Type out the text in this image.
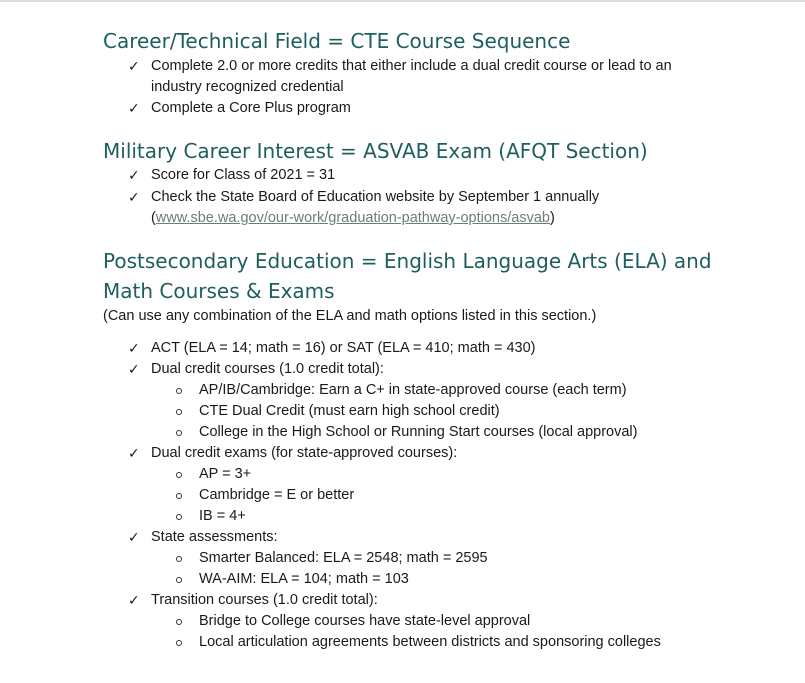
Career/Technical Field = CTE Course Sequence
✓ Complete 2.0 or more credits that either include a dual credit course or lead to an
industry recognized credential
✓ Complete a Core Plus program
Military Career Interest = ASVAB Exam (AFQT Section)
✓ Score for Class of 2021 = 31
✓ Check the State Board of Education website by September 1 annually
(www.sbe.wa.gov/our-work/graduation-pathway-options/asvab)
Postsecondary Education = English Language Arts (ELA) and
Math Courses & Exams
(Can use any combination of the ELA and math options listed in this section.)
✓ ACT (ELA = 14; math = 16) or SAT (ELA = 410; math = 430)
✓ Dual credit courses (1.0 credit total):
AP/IB/Cambridge: Earn a C+ in state-approved course (each term)
CTE Dual Credit (must earn high school credit)
College in the High School or Running Start courses (local approval)
✓ Dual credit exams (for state-approved courses):
AP = 3+
Cambridge = E or better
IB = 4+
✓ State assessments:
Smarter Balanced: ELA = 2548; math = 2595
WA-AIM: ELA = 104; math = 103
✓ Transition courses (1.0 credit total):
Bridge to College courses have state-level approval
Local articulation agreements between districts and sponsoring colleges
